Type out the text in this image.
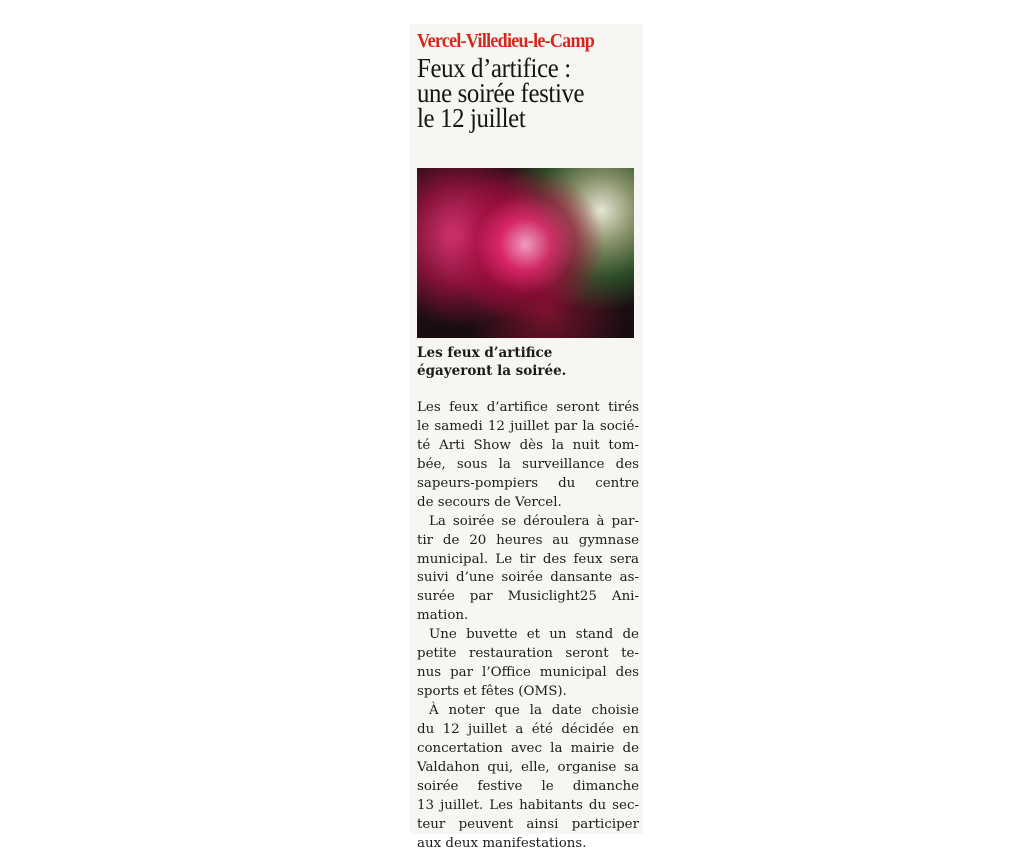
Vercel-Villedieu-le-Camp
Feux d’artifice :
une soirée festive
le 12 juillet
Les feux d’artifice
égayeront la soirée.
Les feux d’artifice seront tirés
le samedi 12 juillet par la socié-
té Arti Show dès la nuit tom-
bée, sous la surveillance des
sapeurs-pompiers du centre
de secours de Vercel.
La soirée se déroulera à par-
tir de 20 heures au gymnase
municipal. Le tir des feux sera
suivi d’une soirée dansante as-
surée par Musiclight25 Ani-
mation.
Une buvette et un stand de
petite restauration seront te-
nus par l’Office municipal des
sports et fêtes (OMS).
À noter que la date choisie
du 12 juillet a été décidée en
concertation avec la mairie de
Valdahon qui, elle, organise sa
soirée festive le dimanche
13 juillet. Les habitants du sec-
teur peuvent ainsi participer
aux deux manifestations.
